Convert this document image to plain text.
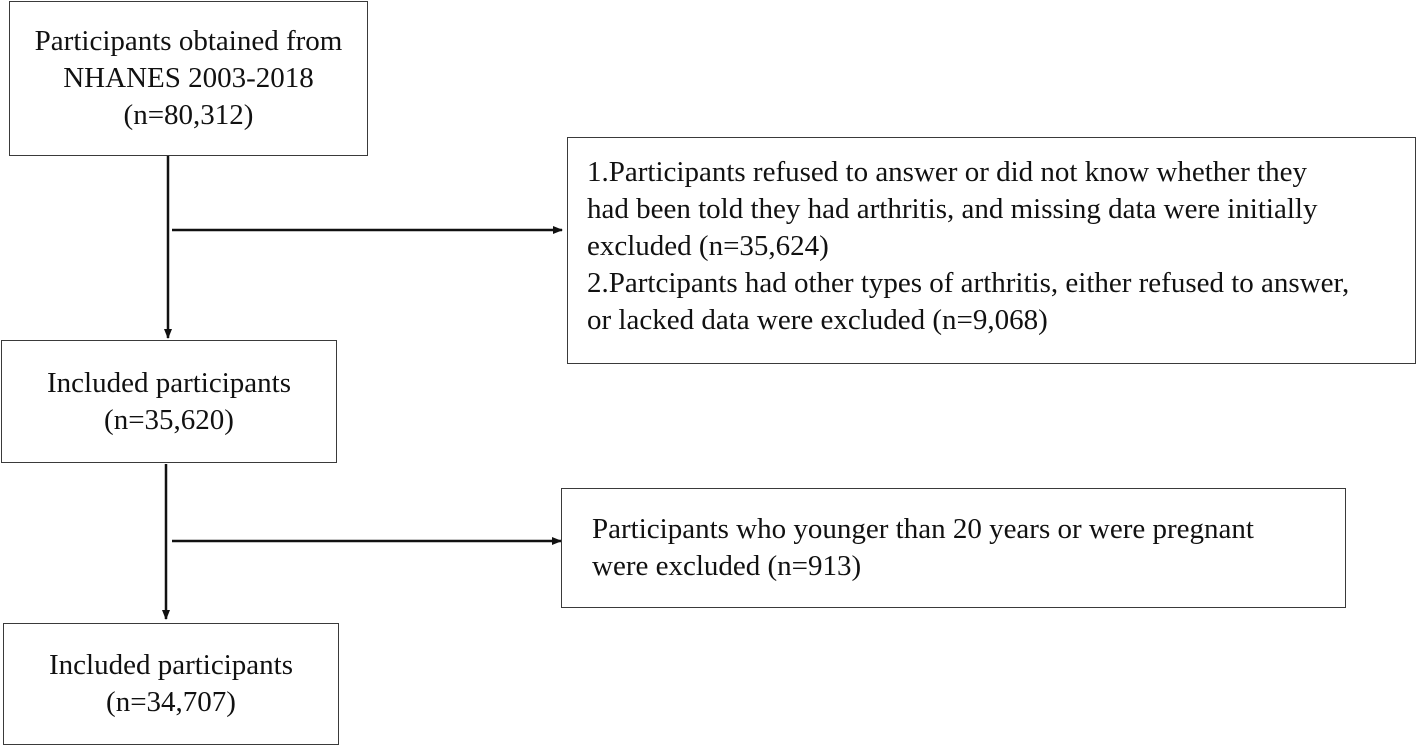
Participants obtained from
NHANES 2003-2018
(n=80,312)
1.Participants refused to answer or did not know whether they
had been told they had arthritis, and missing data were initially
excluded (n=35,624)
2.Partcipants had other types of arthritis, either refused to answer,
or lacked data were excluded (n=9,068)
Included participants
(n=35,620)
Participants who younger than 20 years or were pregnant
were excluded (n=913)
Included participants
(n=34,707)
